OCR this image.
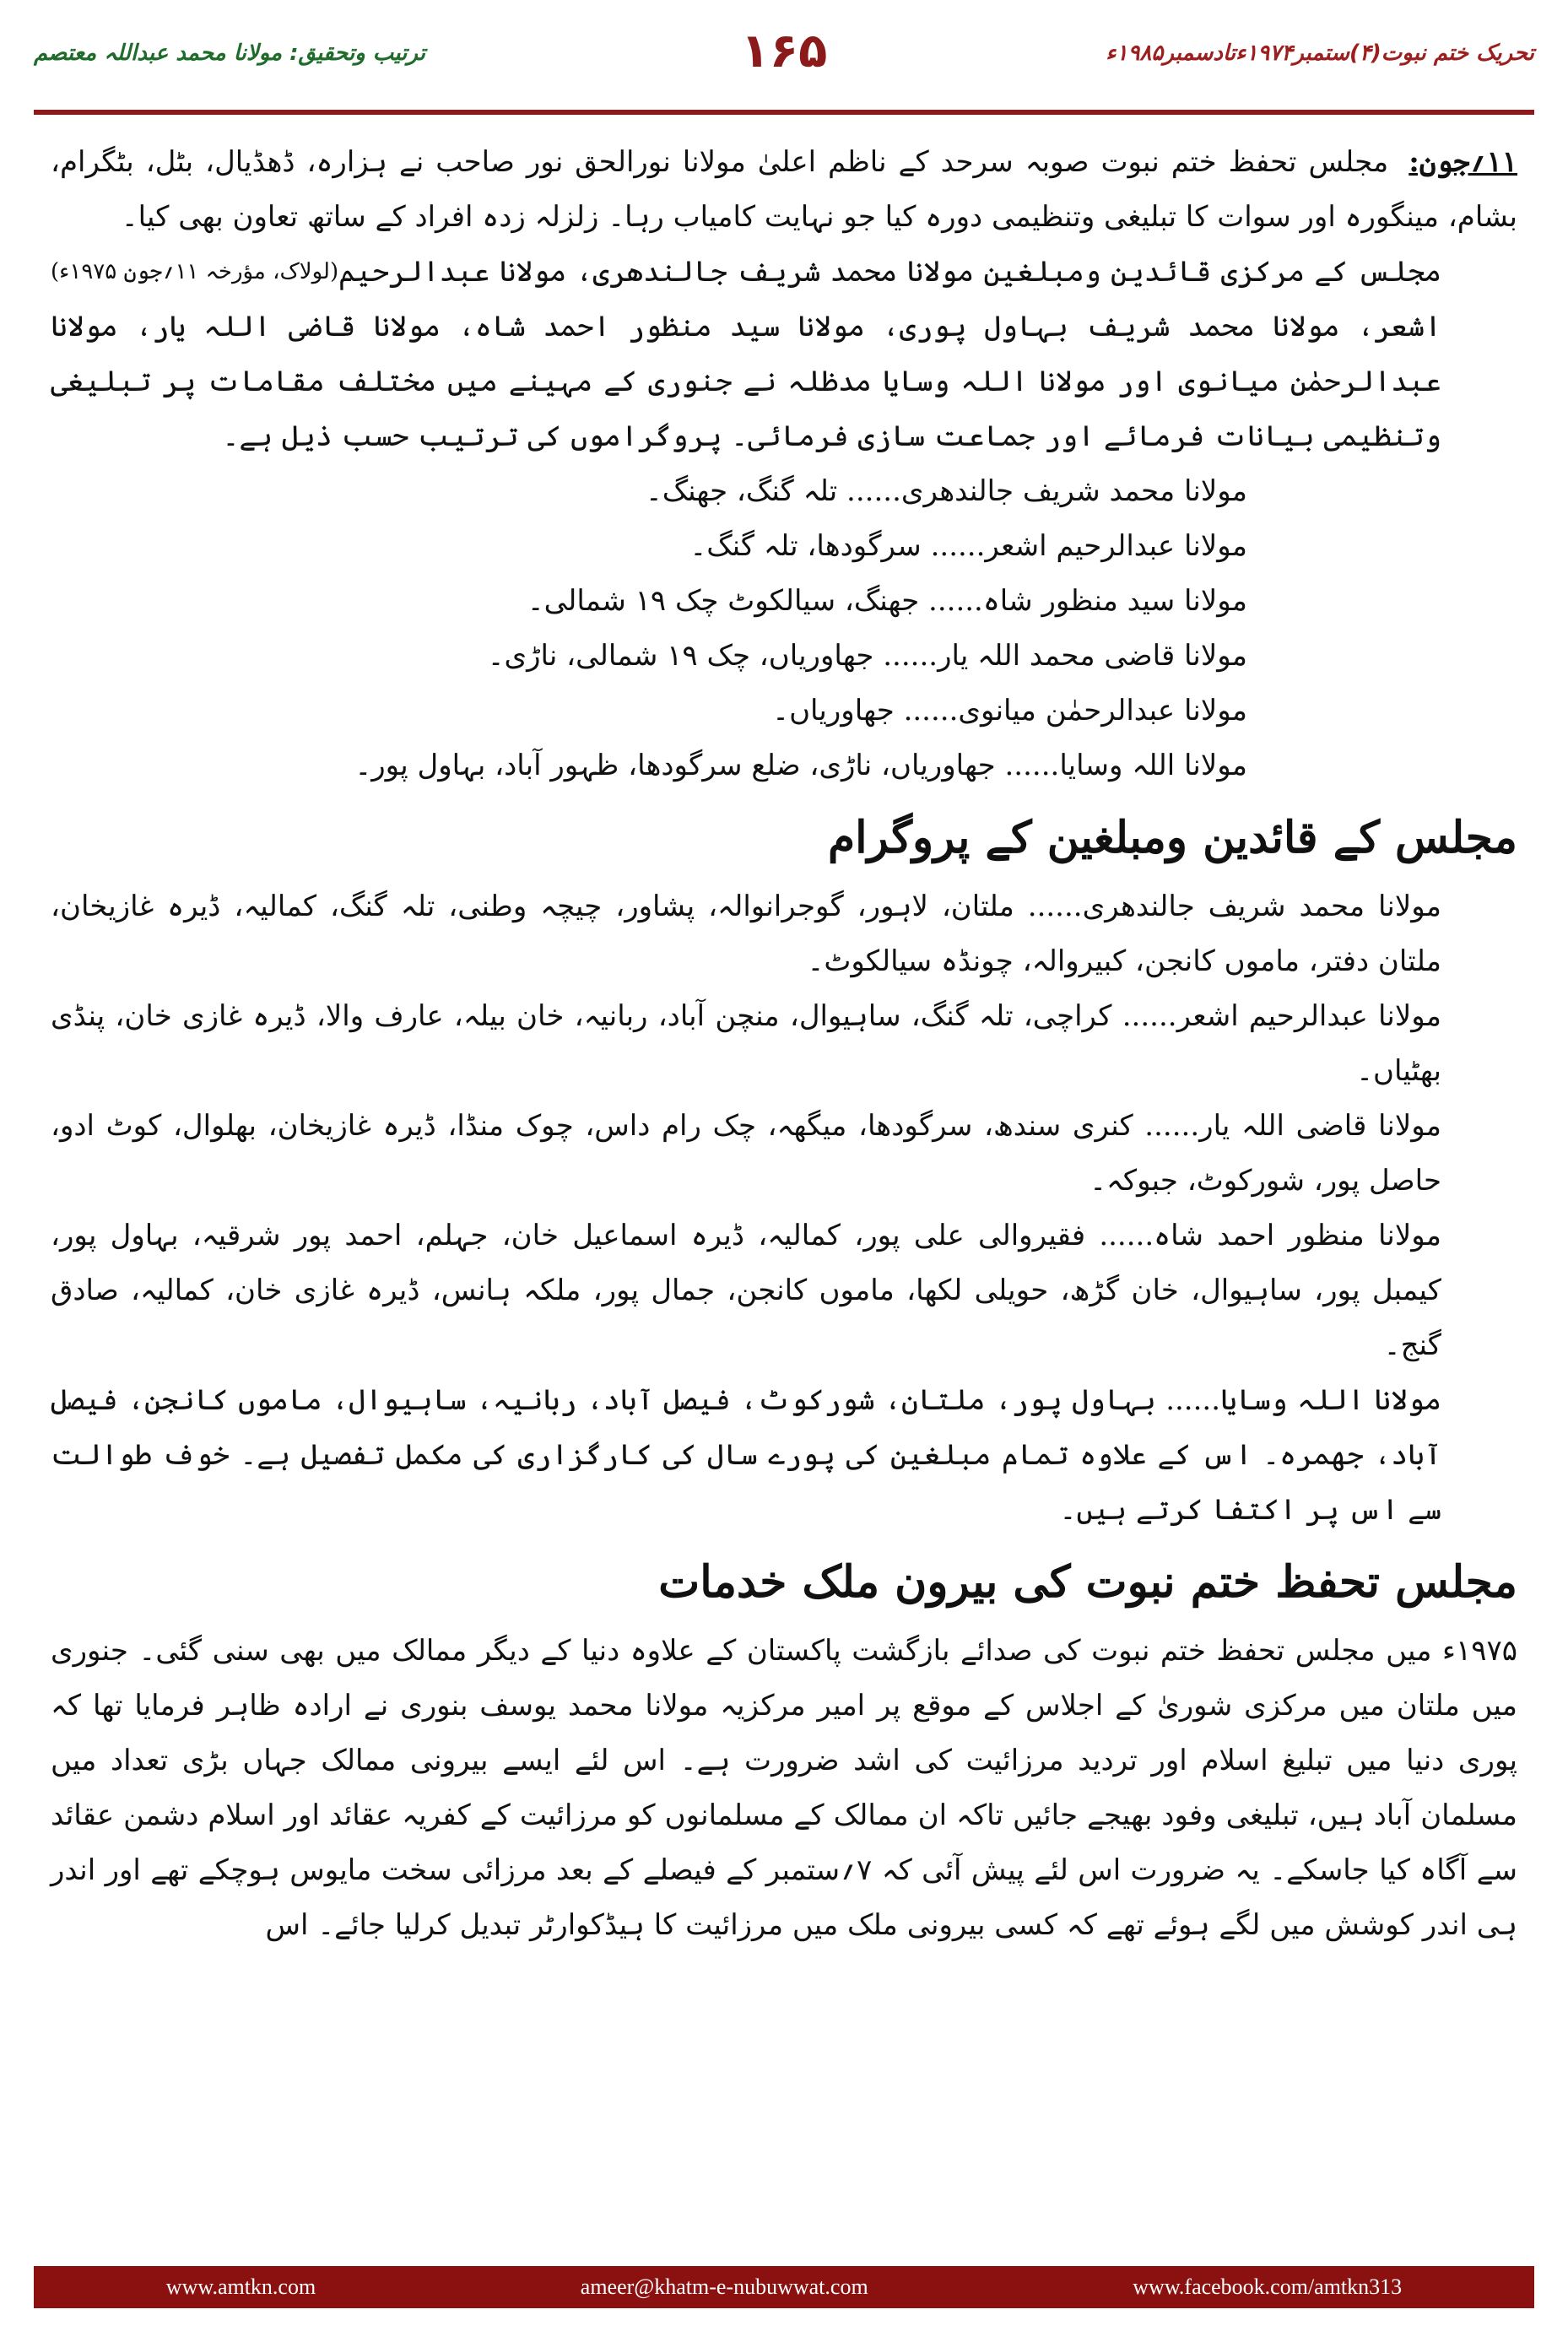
ترتیب وتحقیق: مولانا محمد عبداللہ معتصم	۱۶۵	تحریک ختم نبوت(۴)ستمبر۱۹۷۴ءتادسمبر۱۹۸۵ء

۱۱؍جون: مجلس تحفظ ختم نبوت صوبہ سرحد کے ناظم اعلیٰ مولانا نورالحق نور صاحب نے ہزارہ، ڈھڈیال، بٹل، بٹگرام، بشام، مینگورہ اور سوات کا تبلیغی وتنظیمی دورہ کیا جو نہایت کامیاب رہا۔ زلزلہ زدہ افراد کے ساتھ تعاون بھی کیا۔
(لولاک، مؤرخہ ۱۱؍جون ۱۹۷۵ء) مجلس کے مرکزی قائدین ومبلغین مولانا محمد شریف جالندھری، مولانا عبدالرحیم اشعر، مولانا محمد شریف بہاول پوری، مولانا سید منظور احمد شاہ، مولانا قاضی اللہ یار، مولانا عبدالرحمٰن میانوی اور مولانا اللہ وسایا مدظلہ نے جنوری کے مہینے میں مختلف مقامات پر تبلیغی وتنظیمی بیانات فرمائے اور جماعت سازی فرمائی۔ پروگراموں کی ترتیب حسب ذیل ہے۔

مولانا محمد شریف جالندھری...... تلہ گنگ، جھنگ۔

مولانا عبدالرحیم اشعر...... سرگودھا، تلہ گنگ۔

مولانا سید منظور شاہ...... جھنگ، سیالکوٹ چک ۱۹ شمالی۔

مولانا قاضی محمد اللہ یار...... جھاوریاں، چک ۱۹ شمالی، ناڑی۔

مولانا عبدالرحمٰن میانوی...... جھاوریاں۔

مولانا اللہ وسایا...... جھاوریاں، ناڑی، ضلع سرگودھا، ظہور آباد، بہاول پور۔

مجلس کے قائدین ومبلغین کے پروگرام

مولانا محمد شریف جالندھری...... ملتان، لاہور، گوجرانوالہ، پشاور، چیچہ وطنی، تلہ گنگ، کمالیہ، ڈیرہ غازیخان، ملتان دفتر، ماموں کانجن، کبیروالہ، چونڈہ سیالکوٹ۔

مولانا عبدالرحیم اشعر...... کراچی، تلہ گنگ، ساہیوال، منچن آباد، ربانیہ، خان بیلہ، عارف والا، ڈیرہ غازی خان، پنڈی بھٹیاں۔

مولانا قاضی اللہ یار...... کنری سندھ، سرگودھا، میگھہ، چک رام داس، چوک منڈا، ڈیرہ غازیخان، بھلوال، کوٹ ادو، حاصل پور، شورکوٹ، جبوکہ۔

مولانا منظور احمد شاہ...... فقیروالی علی پور، کمالیہ، ڈیرہ اسماعیل خان، جہلم، احمد پور شرقیہ، بہاول پور، کیمبل پور، ساہیوال، خان گڑھ، حویلی لکھا، ماموں کانجن، جمال پور، ملکہ ہانس، ڈیرہ غازی خان، کمالیہ، صادق گنج۔

مولانا اللہ وسایا...... بہاول پور، ملتان، شورکوٹ، فیصل آباد، ربانیہ، ساہیوال، ماموں کانجن، فیصل آباد، جھمرہ۔ اس کے علاوہ تمام مبلغین کی پورے سال کی کارگزاری کی مکمل تفصیل ہے۔ خوف طوالت سے اس پر اکتفا کرتے ہیں۔

مجلس تحفظ ختم نبوت کی بیرون ملک خدمات

۱۹۷۵ء میں مجلس تحفظ ختم نبوت کی صدائے بازگشت پاکستان کے علاوہ دنیا کے دیگر ممالک میں بھی سنی گئی۔ جنوری میں ملتان میں مرکزی شوریٰ کے اجلاس کے موقع پر امیر مرکزیہ مولانا محمد یوسف بنوری نے ارادہ ظاہر فرمایا تھا کہ پوری دنیا میں تبلیغ اسلام اور تردید مرزائیت کی اشد ضرورت ہے۔ اس لئے ایسے بیرونی ممالک جہاں بڑی تعداد میں مسلمان آباد ہیں، تبلیغی وفود بھیجے جائیں تاکہ ان ممالک کے مسلمانوں کو مرزائیت کے کفریہ عقائد اور اسلام دشمن عقائد سے آگاہ کیا جاسکے۔ یہ ضرورت اس لئے پیش آئی کہ ۷؍ستمبر کے فیصلے کے بعد مرزائی سخت مایوس ہوچکے تھے اور اندر ہی اندر کوشش میں لگے ہوئے تھے کہ کسی بیرونی ملک میں مرزائیت کا ہیڈکوارٹر تبدیل کرلیا جائے۔ اس

www.amtkn.com	ameer@khatm-e-nubuwwat.com	www.facebook.com/amtkn313
